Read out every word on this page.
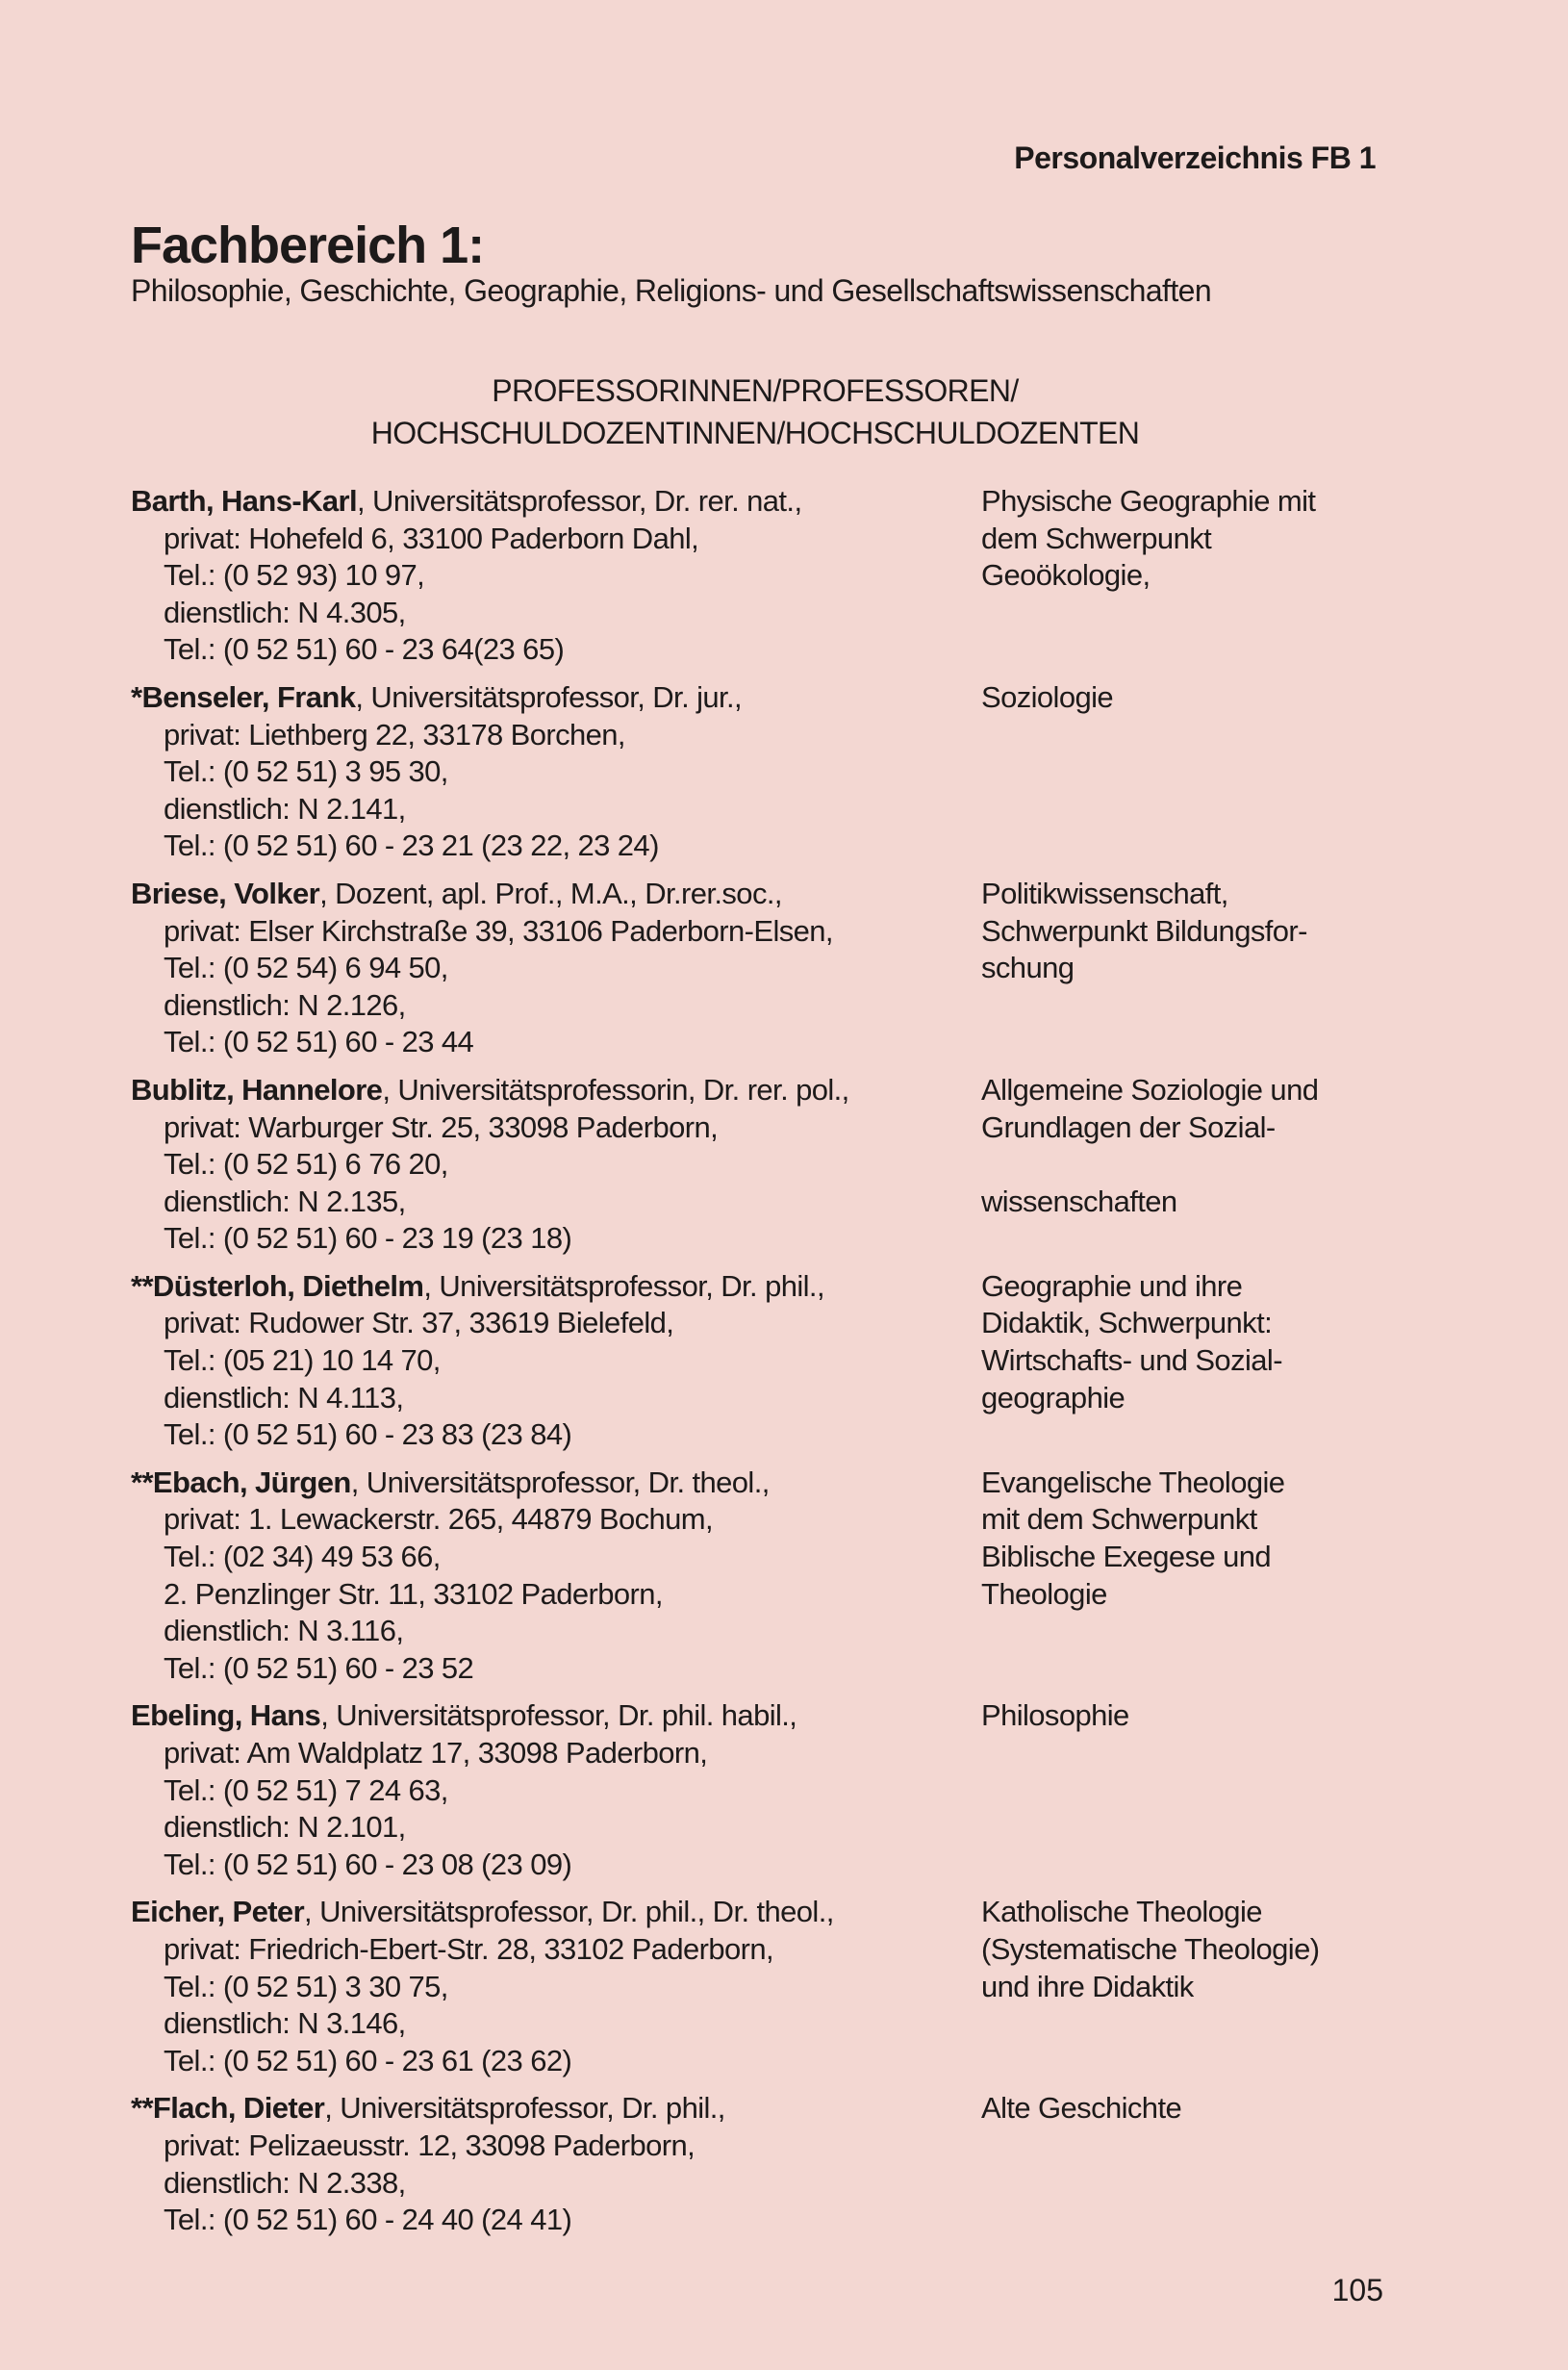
Personalverzeichnis FB 1
Fachbereich 1:
Philosophie, Geschichte, Geographie, Religions- und Gesellschaftswissenschaften
PROFESSORINNEN/PROFESSOREN/
HOCHSCHULDOZENTINNEN/HOCHSCHULDOZENTEN
Barth, Hans-Karl, Universitätsprofessor, Dr. rer. nat.,
privat: Hohefeld 6, 33100 Paderborn Dahl,
Tel.: (0 52 93) 10 97,
dienstlich: N 4.305,
Tel.: (0 52 51) 60 - 23 64(23 65)
Physische Geographie mit
dem Schwerpunkt
Geoökologie,
*Benseler, Frank, Universitätsprofessor, Dr. jur.,
privat: Liethberg 22, 33178 Borchen,
Tel.: (0 52 51) 3 95 30,
dienstlich: N 2.141,
Tel.: (0 52 51) 60 - 23 21 (23 22, 23 24)
Soziologie
Briese, Volker, Dozent, apl. Prof., M.A., Dr.rer.soc.,
privat: Elser Kirchstraße 39, 33106 Paderborn-Elsen,
Tel.: (0 52 54) 6 94 50,
dienstlich: N 2.126,
Tel.: (0 52 51) 60 - 23 44
Politikwissenschaft,
Schwerpunkt Bildungsfor-
schung
Bublitz, Hannelore, Universitätsprofessorin, Dr. rer. pol.,
privat: Warburger Str. 25, 33098 Paderborn,
Tel.: (0 52 51) 6 76 20,
dienstlich: N 2.135,
Tel.: (0 52 51) 60 - 23 19 (23 18)
Allgemeine Soziologie und
Grundlagen der Sozial-
wissenschaften
**Düsterloh, Diethelm, Universitätsprofessor, Dr. phil.,
privat: Rudower Str. 37, 33619 Bielefeld,
Tel.: (05 21) 10 14 70,
dienstlich: N 4.113,
Tel.: (0 52 51) 60 - 23 83 (23 84)
Geographie und ihre
Didaktik, Schwerpunkt:
Wirtschafts- und Sozial-
geographie
**Ebach, Jürgen, Universitätsprofessor, Dr. theol.,
privat: 1. Lewackerstr. 265, 44879 Bochum,
Tel.: (02 34) 49 53 66,
2. Penzlinger Str. 11, 33102 Paderborn,
dienstlich: N 3.116,
Tel.: (0 52 51) 60 - 23 52
Evangelische Theologie
mit dem Schwerpunkt
Biblische Exegese und
Theologie
Ebeling, Hans, Universitätsprofessor, Dr. phil. habil.,
privat: Am Waldplatz 17, 33098 Paderborn,
Tel.: (0 52 51) 7 24 63,
dienstlich: N 2.101,
Tel.: (0 52 51) 60 - 23 08 (23 09)
Philosophie
Eicher, Peter, Universitätsprofessor, Dr. phil., Dr. theol.,
privat: Friedrich-Ebert-Str. 28, 33102 Paderborn,
Tel.: (0 52 51) 3 30 75,
dienstlich: N 3.146,
Tel.: (0 52 51) 60 - 23 61 (23 62)
Katholische Theologie
(Systematische Theologie)
und ihre Didaktik
**Flach, Dieter, Universitätsprofessor, Dr. phil.,
privat: Pelizaeusstr. 12, 33098 Paderborn,
dienstlich: N 2.338,
Tel.: (0 52 51) 60 - 24 40 (24 41)
Alte Geschichte
105
